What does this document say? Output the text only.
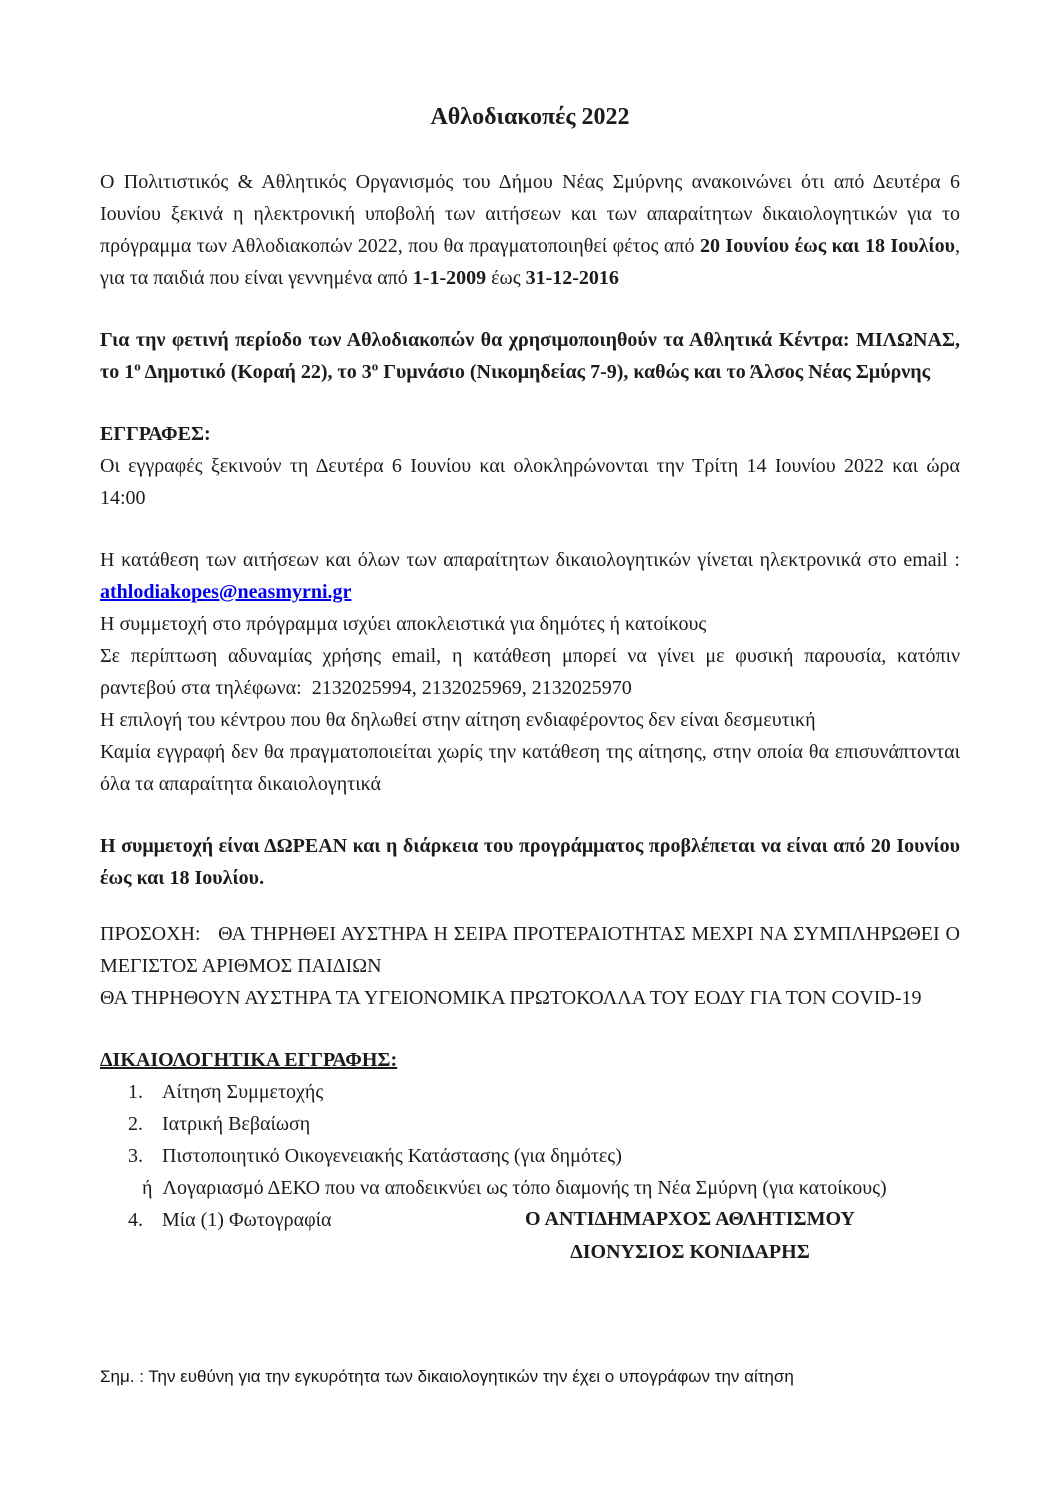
Αθλοδιακοπές 2022

Ο Πολιτιστικός & Αθλητικός Οργανισμός του Δήμου Νέας Σμύρνης ανακοινώνει ότι από Δευτέρα 6 Ιουνίου ξεκινά η ηλεκτρονική υποβολή των αιτήσεων και των απαραίτητων δικαιολογητικών για το πρόγραμμα των Αθλοδιακοπών 2022, που θα πραγματοποιηθεί φέτος από 20 Ιουνίου έως και 18 Ιουλίου, για τα παιδιά που είναι γεννημένα από 1-1-2009 έως 31-12-2016

Για την φετινή περίοδο των Αθλοδιακοπών θα χρησιμοποιηθούν τα Αθλητικά Κέντρα: ΜΙΛΩΝΑΣ, το $1^o$ Δημοτικό (Κοραή 22), το $3^o$ Γυμνάσιο (Νικομηδείας 7-9), καθώς και το Άλσος Νέας Σμύρνης

ΕΓΓΡΑΦΕΣ:

Οι εγγραφές ξεκινούν τη Δευτέρα 6 Ιουνίου και ολοκληρώνονται την Τρίτη 14 Ιουνίου 2022 και ώρα 14:00

Η κατάθεση των αιτήσεων και όλων των απαραίτητων δικαιολογητικών γίνεται ηλεκτρονικά στο email : athlodiakopes@neasmyrni.gr

Η συμμετοχή στο πρόγραμμα ισχύει αποκλειστικά για δημότες ή κατοίκους

Σε περίπτωση αδυναμίας χρήσης email, η κατάθεση μπορεί να γίνει με φυσική παρουσία, κατόπιν ραντεβού στα τηλέφωνα:  2132025994, 2132025969, 2132025970

Η επιλογή του κέντρου που θα δηλωθεί στην αίτηση ενδιαφέροντος δεν είναι δεσμευτική

Καμία εγγραφή δεν θα πραγματοποιείται χωρίς την κατάθεση της αίτησης, στην οποία θα επισυνάπτονται όλα τα απαραίτητα δικαιολογητικά

Η συμμετοχή είναι ΔΩΡΕΑΝ και η διάρκεια του προγράμματος προβλέπεται να είναι από 20 Ιουνίου έως και 18 Ιουλίου.

ΠΡΟΣΟΧΗ:   ΘΑ ΤΗΡΗΘΕΙ ΑΥΣΤΗΡΑ Η ΣΕΙΡΑ ΠΡΟΤΕΡΑΙΟΤΗΤΑΣ ΜΕΧΡΙ ΝΑ ΣΥΜΠΛΗΡΩΘΕΙ Ο ΜΕΓΙΣΤΟΣ ΑΡΙΘΜΟΣ ΠΑΙΔΙΩΝ

ΘΑ ΤΗΡΗΘΟΥΝ ΑΥΣΤΗΡΑ ΤΑ ΥΓΕΙΟΝΟΜΙΚΑ ΠΡΩΤΟΚΟΛΛΑ ΤΟΥ ΕΟΔΥ ΓΙΑ ΤΟΝ COVID-19

ΔΙΚΑΙΟΛΟΓΗΤΙΚΑ ΕΓΓΡΑΦΗΣ:

1. Αίτηση Συμμετοχής
2. Ιατρική Βεβαίωση
3. Πιστοποιητικό Οικογενειακής Κατάστασης (για δημότες)
ή  Λογαριασμό ΔΕΚΟ που να αποδεικνύει ως τόπο διαμονής τη Νέα Σμύρνη (για κατοίκους)
4. Μία (1) Φωτογραφία	Ο ΑΝΤΙΔΗΜΑΡΧΟΣ ΑΘΛΗΤΙΣΜΟΥ
ΔΙΟΝΥΣΙΟΣ ΚΟΝΙΔΑΡΗΣ
Σημ. : Την ευθύνη για την εγκυρότητα των δικαιολογητικών την έχει ο υπογράφων την αίτηση
